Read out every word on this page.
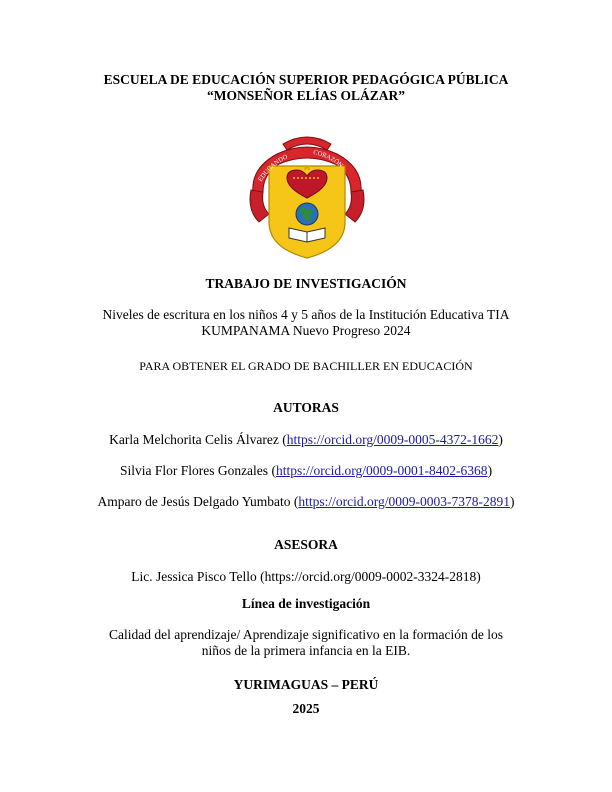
ESCUELA DE EDUCACIÓN SUPERIOR PEDAGÓGICA PÚBLICA
“MONSEÑOR ELÍAS OLÁZAR”
EDUCANDO
CON FE Y
CORAZÓN
TRABAJO DE INVESTIGACIÓN
Niveles de escritura en los niños 4 y 5 años de la Institución Educativa TIA
KUMPANAMA Nuevo Progreso 2024
PARA OBTENER EL GRADO DE BACHILLER EN EDUCACIÓN
AUTORAS
Karla Melchorita Celis Álvarez (https://orcid.org/0009-0005-4372-1662)
Silvia Flor Flores Gonzales (https://orcid.org/0009-0001-8402-6368)
Amparo de Jesús Delgado Yumbato (https://orcid.org/0009-0003-7378-2891)
ASESORA
Lic. Jessica Pisco Tello (https://orcid.org/0009-0002-3324-2818)
Línea de investigación
Calidad del aprendizaje/ Aprendizaje significativo en la formación de los
niños de la primera infancia en la EIB.
YURIMAGUAS – PERÚ
2025
